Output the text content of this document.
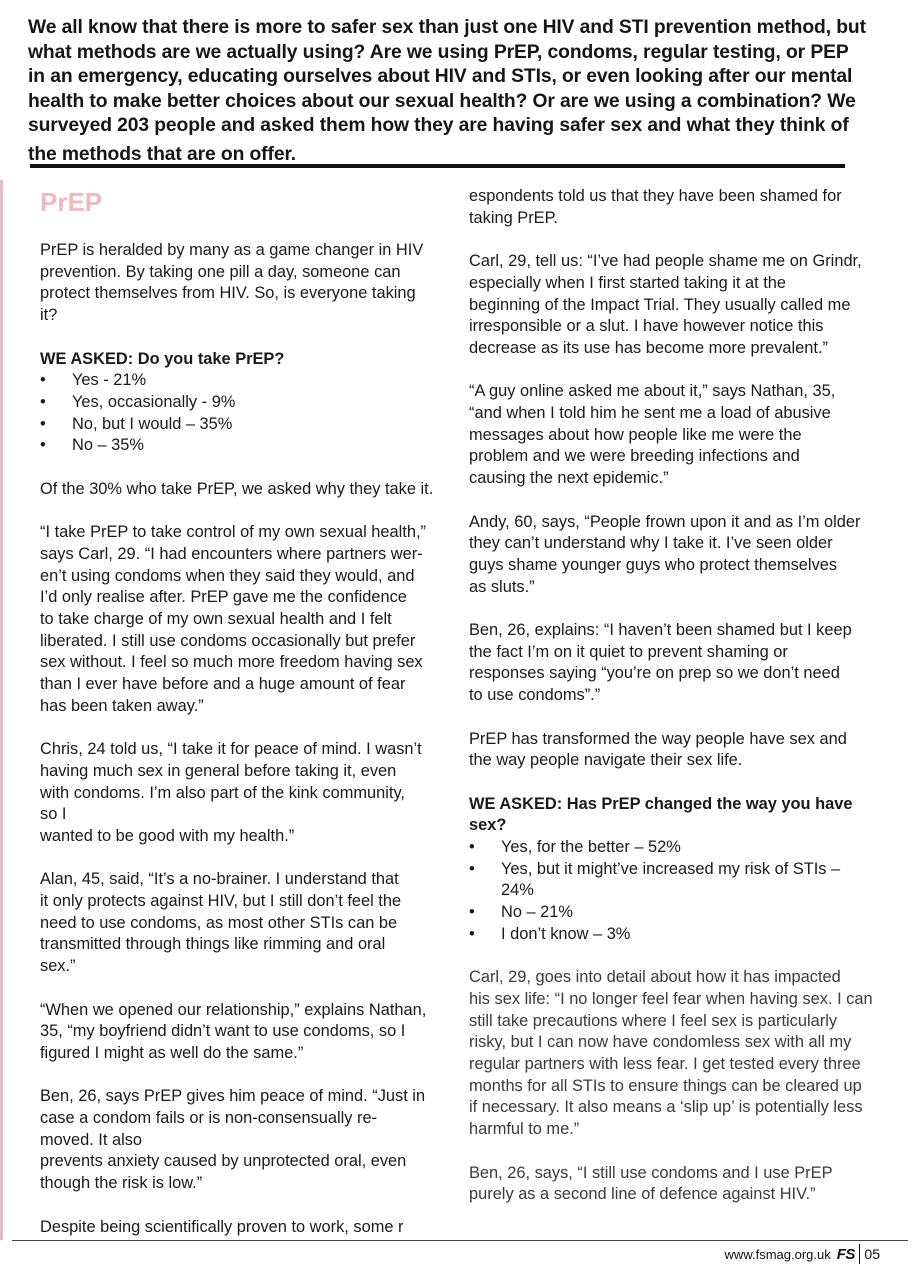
We all know that there is more to safer sex than just one HIV and STI prevention method, but
what methods are we actually using? Are we using PrEP, condoms, regular testing, or PEP
in an emergency, educating ourselves about HIV and STIs, or even looking after our mental
health to make better choices about our sexual health? Or are we using a combination? We
surveyed 203 people and asked them how they are having safer sex and what they think of
the methods that are on offer.
PrEP
PrEP is heralded by many as a game changer in HIV
prevention. By taking one pill a day, someone can
protect themselves from HIV. So, is everyone taking
it?
WE ASKED: Do you take PrEP?
• Yes - 21%
• Yes, occasionally - 9%
• No, but I would – 35%
• No – 35%
Of the 30% who take PrEP, we asked why they take it.
“I take PrEP to take control of my own sexual health,”
says Carl, 29. “I had encounters where partners wer-
en’t using condoms when they said they would, and
I’d only realise after. PrEP gave me the confidence
to take charge of my own sexual health and I felt
liberated. I still use condoms occasionally but prefer
sex without. I feel so much more freedom having sex
than I ever have before and a huge amount of fear
has been taken away.”
Chris, 24 told us, “I take it for peace of mind. I wasn’t
having much sex in general before taking it, even
with condoms. I’m also part of the kink community,
so I
wanted to be good with my health.”
Alan, 45, said, “It’s a no-brainer. I understand that
it only protects against HIV, but I still don’t feel the
need to use condoms, as most other STIs can be
transmitted through things like rimming and oral
sex.”
“When we opened our relationship,” explains Nathan,
35, “my boyfriend didn’t want to use condoms, so I
figured I might as well do the same.”
Ben, 26, says PrEP gives him peace of mind. “Just in
case a condom fails or is non-consensually re-
moved. It also
prevents anxiety caused by unprotected oral, even
though the risk is low.”
Despite being scientifically proven to work, some r
espondents told us that they have been shamed for
taking PrEP.
Carl, 29, tell us: “I’ve had people shame me on Grindr,
especially when I first started taking it at the
beginning of the Impact Trial. They usually called me
irresponsible or a slut. I have however notice this
decrease as its use has become more prevalent.”
“A guy online asked me about it,” says Nathan, 35,
“and when I told him he sent me a load of abusive
messages about how people like me were the
problem and we were breeding infections and
causing the next epidemic.”
Andy, 60, says, “People frown upon it and as I’m older
they can’t understand why I take it. I’ve seen older
guys shame younger guys who protect themselves
as sluts.”
Ben, 26, explains: “I haven’t been shamed but I keep
the fact I’m on it quiet to prevent shaming or
responses saying “you’re on prep so we don’t need
to use condoms”.”
PrEP has transformed the way people have sex and
the way people navigate their sex life.
WE ASKED: Has PrEP changed the way you have
sex?
• Yes, for the better – 52%
• Yes, but it might’ve increased my risk of STIs –
24%
• No – 21%
• I don’t know – 3%
Carl, 29, goes into detail about how it has impacted
his sex life: “I no longer feel fear when having sex. I can
still take precautions where I feel sex is particularly
risky, but I can now have condomless sex with all my
regular partners with less fear. I get tested every three
months for all STIs to ensure things can be cleared up
if necessary. It also means a ‘slip up’ is potentially less
harmful to me.”
Ben, 26, says, “I still use condoms and I use PrEP
purely as a second line of defence against HIV.”
www.fsmag.org.uk FS 05
